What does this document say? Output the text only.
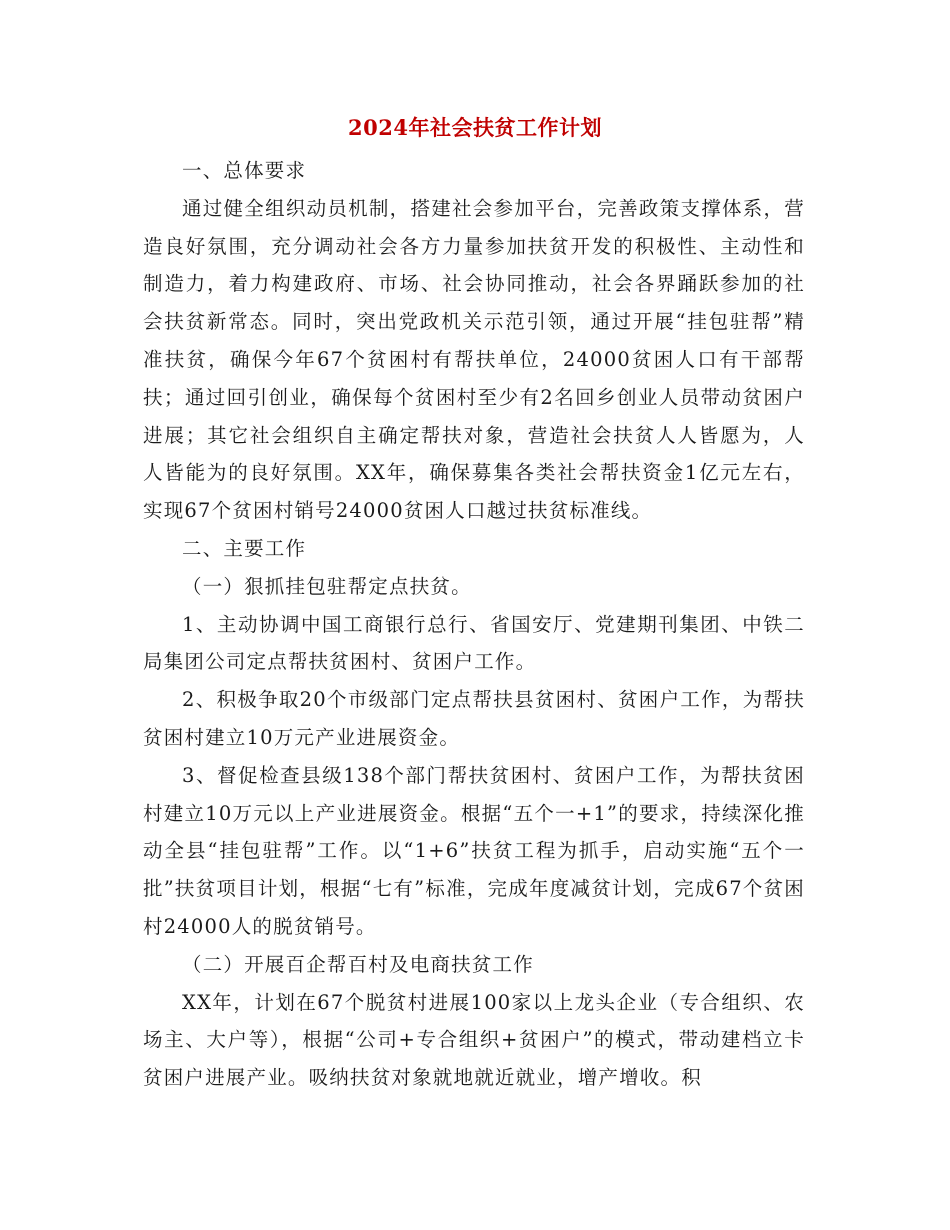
2024年社会扶贫工作计划

一、总体要求

通过健全组织动员机制，搭建社会参加平台，完善政策支撑体系，营造良好氛围，充分调动社会各方力量参加扶贫开发的积极性、主动性和制造力，着力构建政府、市场、社会协同推动，社会各界踊跃参加的社会扶贫新常态。同时，突出党政机关示范引领，通过开展“挂包驻帮”精准扶贫，确保今年67个贫困村有帮扶单位，24000贫困人口有干部帮扶；通过回引创业，确保每个贫困村至少有2名回乡创业人员带动贫困户进展；其它社会组织自主确定帮扶对象，营造社会扶贫人人皆愿为，人人皆能为的良好氛围。XX年，确保募集各类社会帮扶资金1亿元左右，实现67个贫困村销号24000贫困人口越过扶贫标准线。

二、主要工作

（一）狠抓挂包驻帮定点扶贫。

1、主动协调中国工商银行总行、省国安厅、党建期刊集团、中铁二局集团公司定点帮扶贫困村、贫困户工作。

2、积极争取20个市级部门定点帮扶县贫困村、贫困户工作，为帮扶贫困村建立10万元产业进展资金。

3、督促检查县级138个部门帮扶贫困村、贫困户工作，为帮扶贫困村建立10万元以上产业进展资金。根据“五个一+1”的要求，持续深化推动全县“挂包驻帮”工作。以“1+6”扶贫工程为抓手，启动实施“五个一批”扶贫项目计划，根据“七有”标准，完成年度减贫计划，完成67个贫困村24000人的脱贫销号。

（二）开展百企帮百村及电商扶贫工作

XX年，计划在67个脱贫村进展100家以上龙头企业（专合组织、农场主、大户等），根据“公司+专合组织+贫困户”的模式，带动建档立卡贫困户进展产业。吸纳扶贫对象就地就近就业，增产增收。积
